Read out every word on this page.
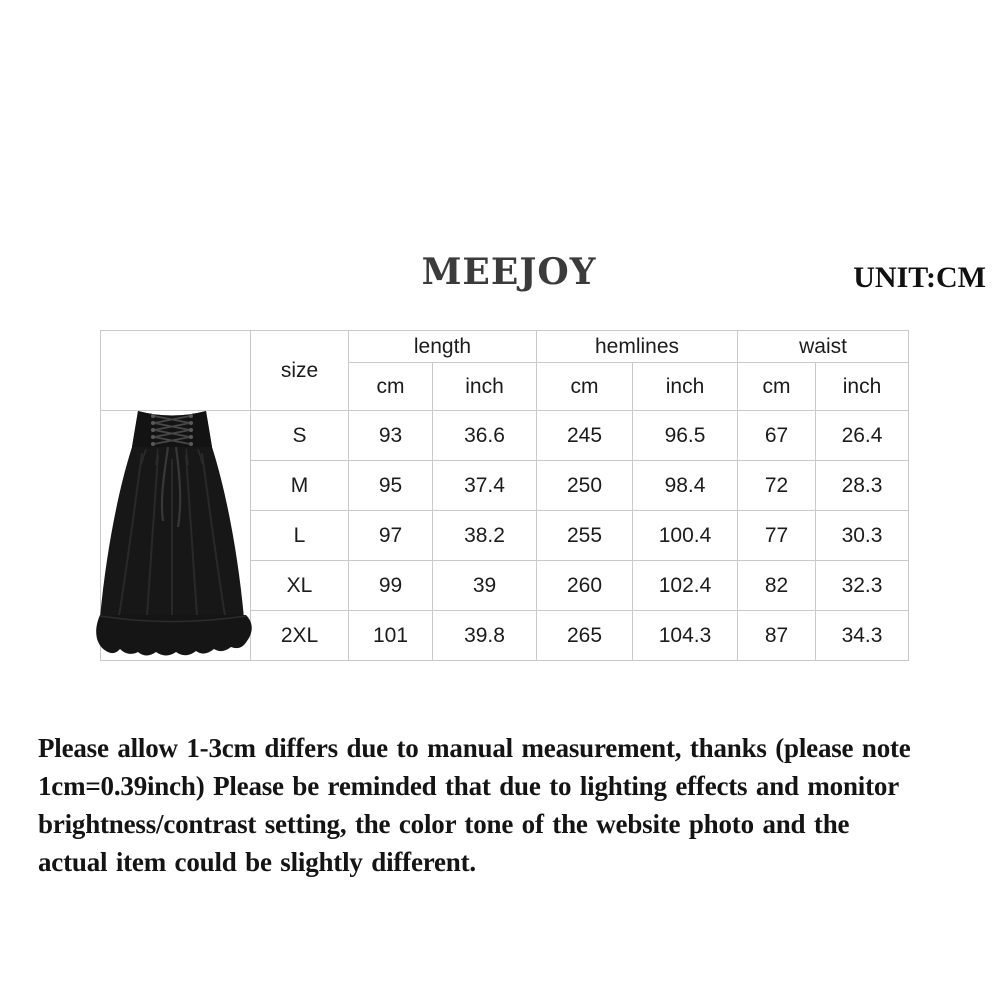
MEEJOY	UNIT:CM
	size	length		hemlines		waist	
		cm	inch	cm	inch	cm	inch
	S	93	36.6	245	96.5	67	26.4
	M	95	37.4	250	98.4	72	28.3
	L	97	38.2	255	100.4	77	30.3
	XL	99	39	260	102.4	82	32.3
	2XL	101	39.8	265	104.3	87	34.3
Please allow 1-3cm differs due to manual measurement, thanks (please note
1cm=0.39inch) Please be reminded that due to lighting effects and monitor
brightness/contrast setting, the color tone of the website photo and the
actual item could be slightly different.
